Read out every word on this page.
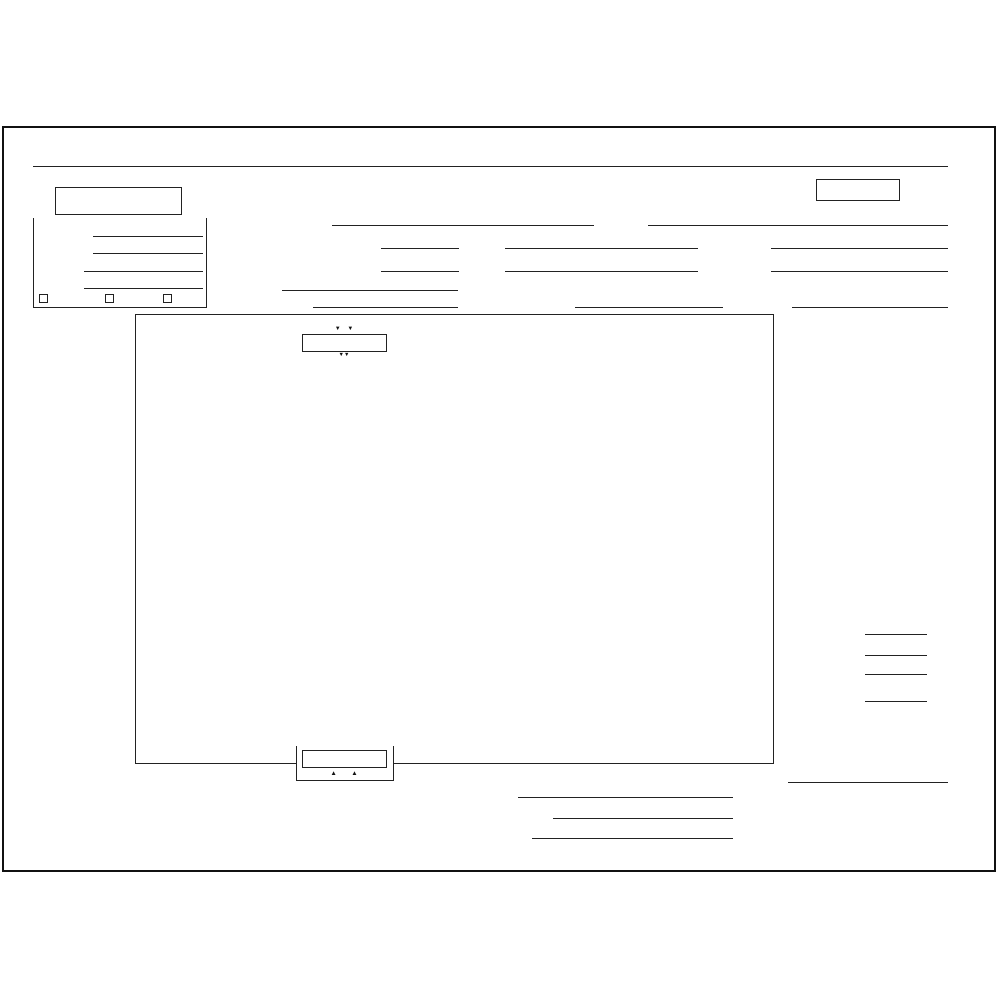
▼ ▼
▼▼
▲ ▲
